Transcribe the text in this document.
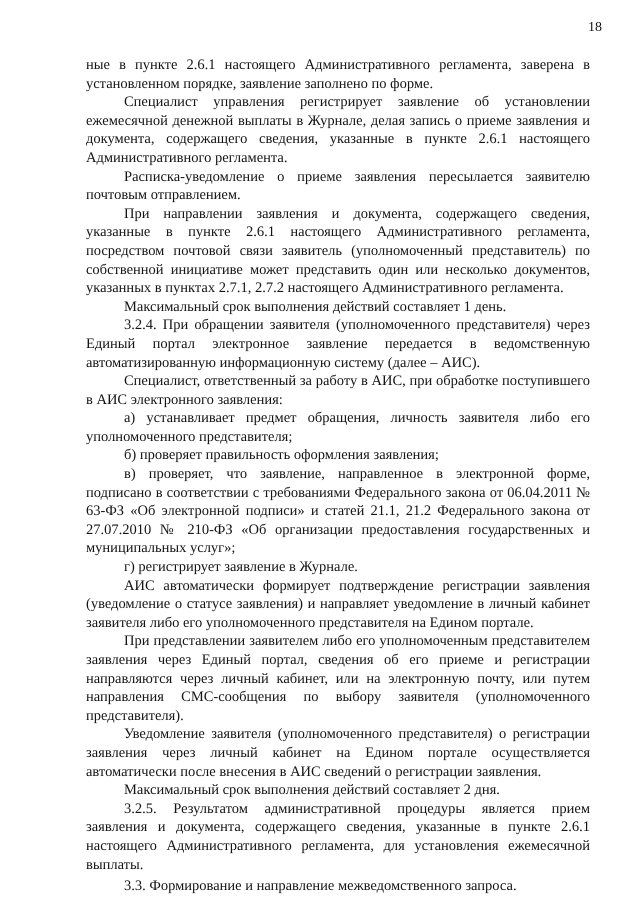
18

ные в пункте 2.6.1 настоящего Административного регламента, заверена в установленном порядке, заявление заполнено по форме.

Специалист управления регистрирует заявление об установлении ежемесячной денежной выплаты в Журнале, делая запись о приеме заявления и документа, содержащего сведения, указанные в пункте 2.6.1 настоящего Административного регламента.

Расписка-уведомление о приеме заявления пересылается заявителю почтовым отправлением.

При направлении заявления и документа, содержащего сведения, указанные в пункте 2.6.1 настоящего Административного регламента, посредством почтовой связи заявитель (уполномоченный представитель) по собственной инициативе может представить один или несколько документов, указанных в пунктах 2.7.1, 2.7.2 настоящего Административного регламента.

Максимальный срок выполнения действий составляет 1 день.

3.2.4. При обращении заявителя (уполномоченного представителя) через Единый портал электронное заявление передается в ведомственную автоматизированную информационную систему (далее – АИС).

Специалист, ответственный за работу в АИС, при обработке поступившего в АИС электронного заявления:

а) устанавливает предмет обращения, личность заявителя либо его уполномоченного представителя;

б) проверяет правильность оформления заявления;

в) проверяет, что заявление, направленное в электронной форме, подписано в соответствии с требованиями Федерального закона от 06.04.2011 № 63-ФЗ «Об электронной подписи» и статей 21.1, 21.2 Федерального закона от 27.07.2010 № 210-ФЗ «Об организации предоставления государственных и муниципальных услуг»;

г) регистрирует заявление в Журнале.

АИС автоматически формирует подтверждение регистрации заявления (уведомление о статусе заявления) и направляет уведомление в личный кабинет заявителя либо его уполномоченного представителя на Едином портале.

При представлении заявителем либо его уполномоченным представителем заявления через Единый портал, сведения об его приеме и регистрации направляются через личный кабинет, или на электронную почту, или путем направления СМС-сообщения по выбору заявителя (уполномоченного представителя).

Уведомление заявителя (уполномоченного представителя) о регистрации заявления через личный кабинет на Едином портале осуществляется автоматически после внесения в АИС сведений о регистрации заявления.

Максимальный срок выполнения действий составляет 2 дня.

3.2.5. Результатом административной процедуры является прием заявления и документа, содержащего сведения, указанные в пункте 2.6.1 настоящего Административного регламента, для установления ежемесячной выплаты.

3.3. Формирование и направление межведомственного запроса.
